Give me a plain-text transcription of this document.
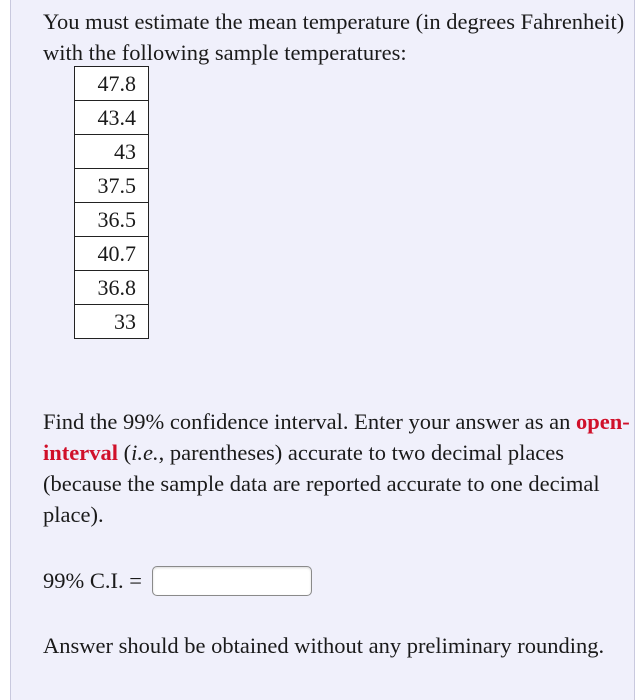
You must estimate the mean temperature (in degrees Fahrenheit) with the following sample temperatures:

47.8
43.4
43
37.5
36.5
40.7
36.8
33

Find the 99% confidence interval. Enter your answer as an open-interval (i.e., parentheses) accurate to two decimal places (because the sample data are reported accurate to one decimal place).

99% C.I. =

Answer should be obtained without any preliminary rounding.
